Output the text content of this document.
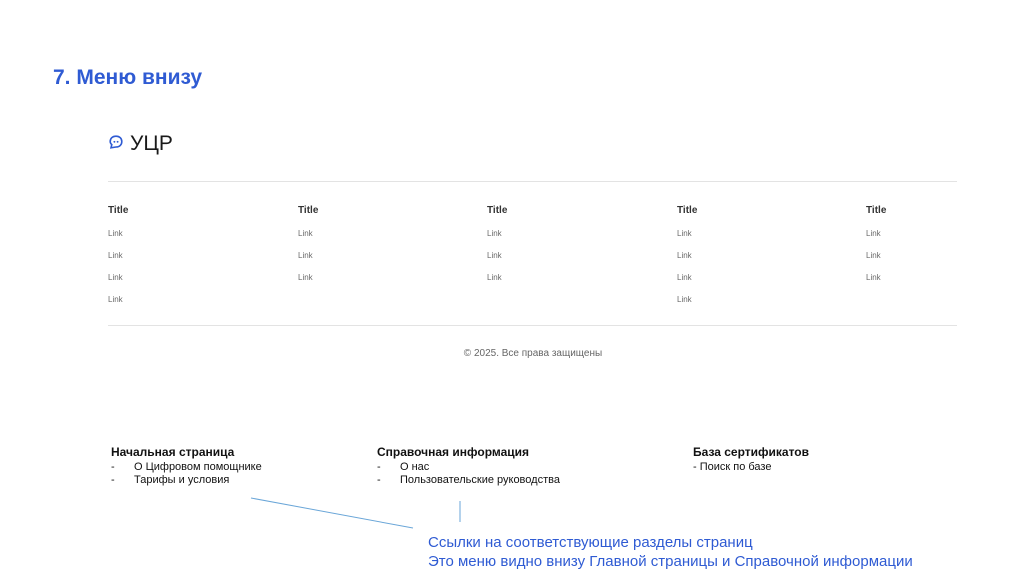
7. Меню внизу
УЦР
Title
Link
Link
Link
Link
Title
Link
Link
Link
Title
Link
Link
Link
Title
Link
Link
Link
Link
Title
Link
Link
Link
© 2025. Все права защищены
Начальная страница
- О Цифровом помощнике
- Тарифы и условия
Справочная информация
- О нас
- Пользовательские руководства
База сертификатов
- Поиск по базе
Ссылки на соответствующие разделы страниц
Это меню видно внизу Главной страницы и Справочной информации
